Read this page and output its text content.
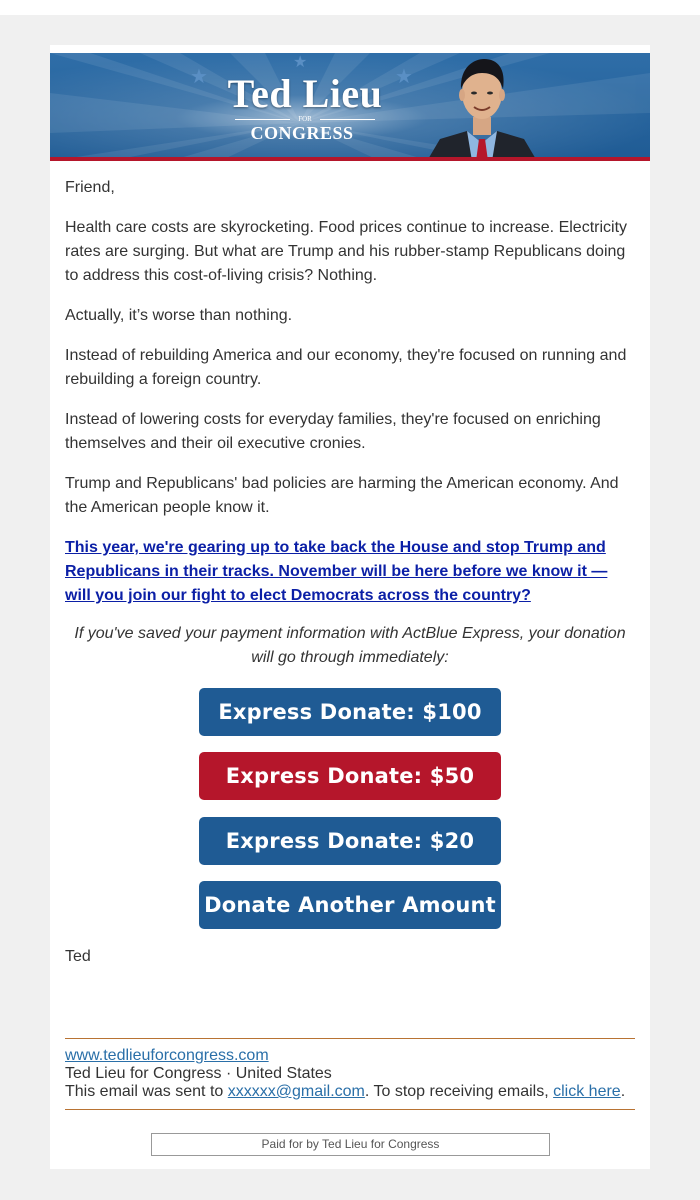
★
★
★
Ted Lieu
FOR
CONGRESS

Friend,

Health care costs are skyrocketing. Food prices continue to increase. Electricity rates are surging. But what are Trump and his rubber-stamp Republicans doing to address this cost-of-living crisis? Nothing.

Actually, it’s worse than nothing.

Instead of rebuilding America and our economy, they're focused on running and rebuilding a foreign country.

Instead of lowering costs for everyday families, they're focused on enriching themselves and their oil executive cronies.

Trump and Republicans' bad policies are harming the American economy. And the American people know it.

This year, we're gearing up to take back the House and stop Trump and Republicans in their tracks. November will be here before we know it — will you join our fight to elect Democrats across the country?
If you've saved your payment information with ActBlue Express, your donation will go through immediately:
Express Donate: $100
Express Donate: $50
Express Donate: $20
Donate Another Amount

Ted

www.tedlieuforcongress.com
Ted Lieu for Congress · United States
This email was sent to xxxxxx@gmail.com. To stop receiving emails, click here.
Paid for by Ted Lieu for Congress
